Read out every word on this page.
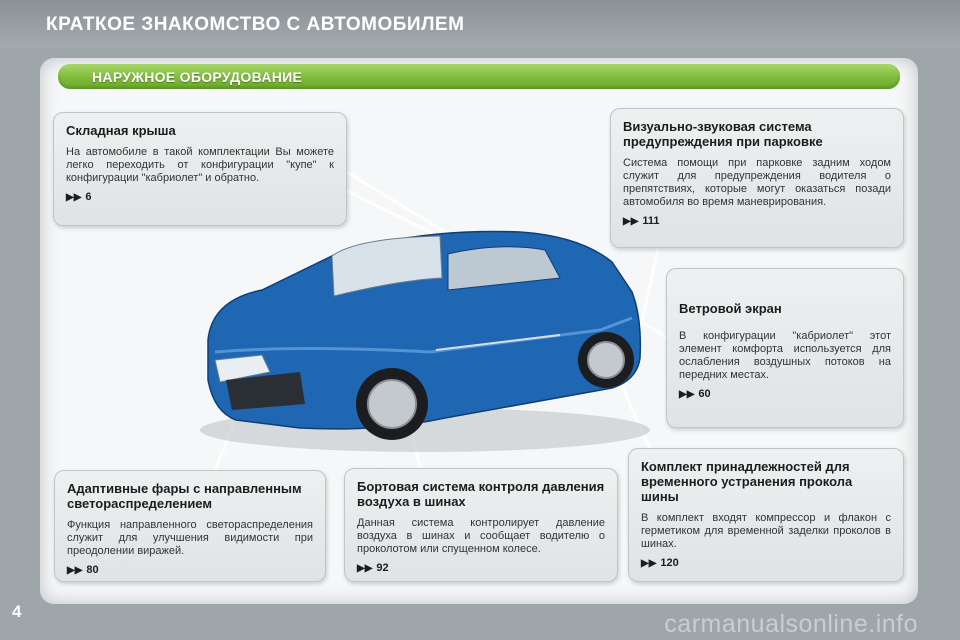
КРАТКОЕ ЗНАКОМСТВО С АВТОМОБИЛЕМ
НАРУЖНОЕ ОБОРУДОВАНИЕ
Складная крыша

На автомобиле в такой комплектации Вы можете легко переходить от конфигурации "купе" к конфигурации "кабриолет" и обратно.

▶▶ 6
Визуально-звуковая система предупреждения при парковке

Система помощи при парковке задним ходом служит для предупреждения водителя о препятствиях, которые могут оказаться позади автомобиля во время маневрирования.

▶▶ 111
Ветровой экран

В конфигурации "кабриолет" этот элемент комфорта используется для ослабления воздушных потоков на передних местах.

▶▶ 60
Адаптивные фары с направленным светораспределением

Функция направленного светораспределения служит для улучшения видимости при преодолении виражей.

▶▶ 80
Бортовая система контроля давления воздуха в шинах

Данная система контролирует давление воздуха в шинах и сообщает водителю о проколотом или спущенном колесе.

▶▶ 92
Комплект принадлежностей для временного устранения прокола шины

В комплект входят компрессор и флакон с герметиком для временной заделки проколов в шинах.

▶▶ 120

4	carmanualsonline.info
